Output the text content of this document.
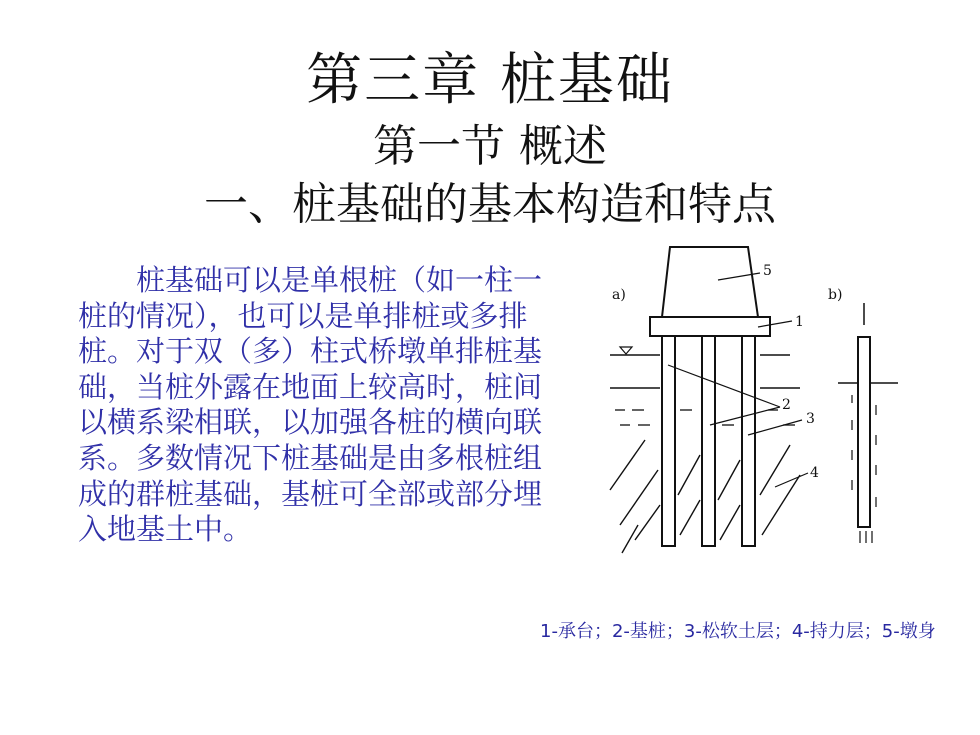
第三章 桩基础
第一节 概述
一、桩基础的基本构造和特点

桩基础可以是单根桩（如一柱一桩的情况），也可以是单排桩或多排桩。对于双（多）柱式桥墩单排桩基础，当桩外露在地面上较高时，桩间以横系梁相联，以加强各桩的横向联系。多数情况下桩基础是由多根桩组成的群桩基础，基桩可全部或部分埋入地基土中。

a)	b)
5
1
2
3
4

1-承台；2-基桩；3-松软土层；4-持力层；5-墩身
